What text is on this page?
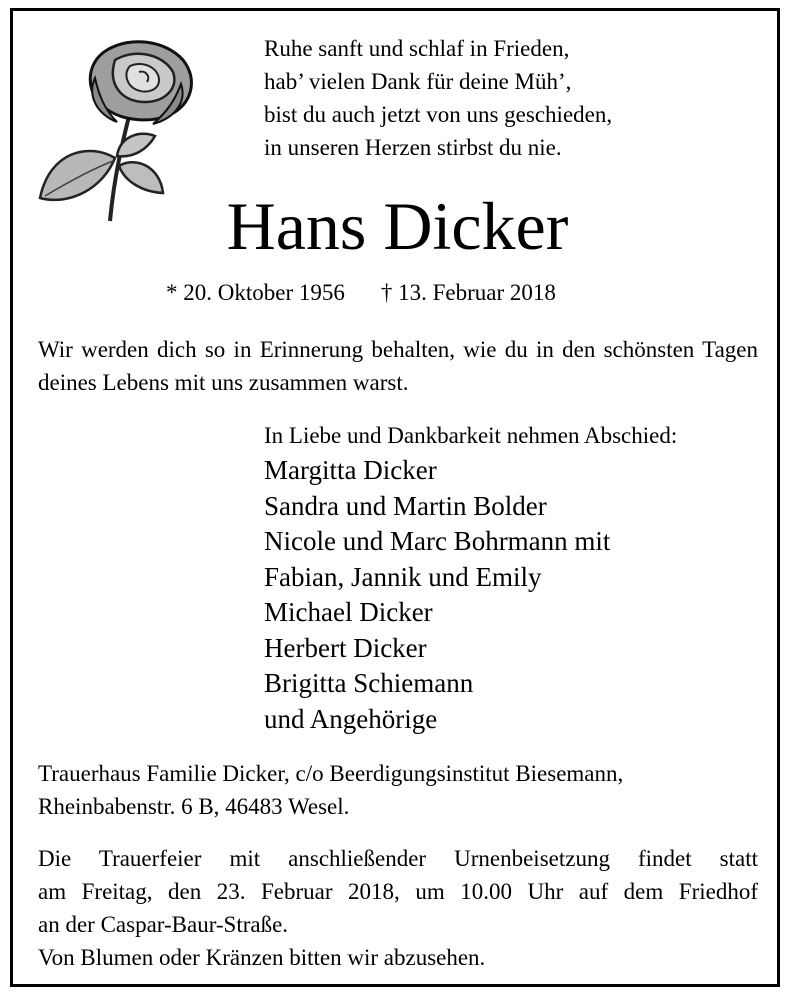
Ruhe sanft und schlaf in Frieden,
hab’ vielen Dank für deine Müh’,
bist du auch jetzt von uns geschieden,
in unseren Herzen stirbst du nie.
Hans Dicker
* 20. Oktober 1956 † 13. Februar 2018
Wir werden dich so in Erinnerung behalten, wie du in den schönsten Tagen deines Lebens mit uns zusammen warst.
In Liebe und Dankbarkeit nehmen Abschied:
Margitta Dicker
Sandra und Martin Bolder
Nicole und Marc Bohrmann mit
Fabian, Jannik und Emily
Michael Dicker
Herbert Dicker
Brigitta Schiemann
und Angehörige
Trauerhaus Familie Dicker, c/o Beerdigungsinstitut Biesemann,
Rheinbabenstr. 6 B, 46483 Wesel.
Die Trauerfeier mit anschließender Urnenbeisetzung findet statt
am Freitag, den 23. Februar 2018, um 10.00 Uhr auf dem Friedhof
an der Caspar-Baur-Straße.
Von Blumen oder Kränzen bitten wir abzusehen.
